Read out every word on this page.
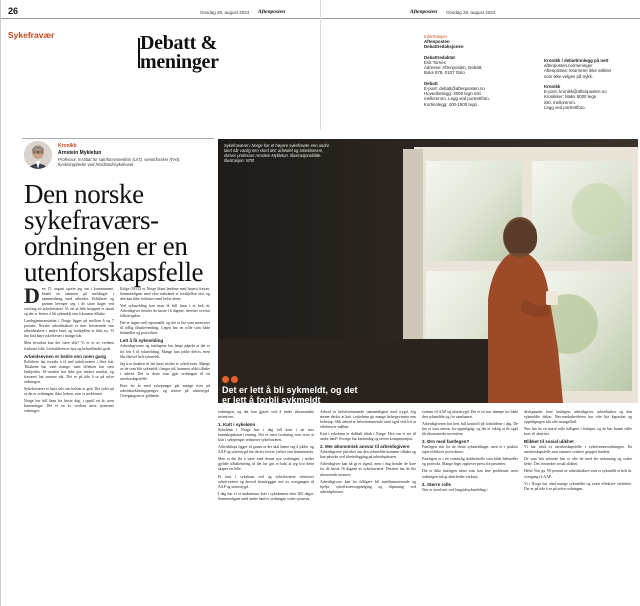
26	Onsdag 28. august 2024 Aftenposten	Aftenposten Onsdag 28. august 2024
Sykefravær	Debatt &
meninger
Informasjon
Aftenposten
Debattredaksjonen

Debattredaktør
Erik Tornes
Adresse: Aftenposten, Debatt,
Boks 878, 0107 Oslo

Debatt
E-post: debatt@aftenposten.no
Hovedinnlegg: 3000 tegn inkl.
mellomrom. Legg ved portrettfoto.
Kortinnlegg: 400-1500 tegn.
Kronikk / debattinnlegg på nett
aftenposten.no/meninger
Aftenposten returnerer ikke artikler
som ikke velges på trykk.

Kronikk
E-post: kronikk@aftenposten.no
Kronikker: Maks 5000 tegn
inkl. mellomrom.
Legg ved portrettfoto.
Kronikk
Arnstein Mykletun
Professor, Institutt for samfunnsmedisin (UiT), seniorforsker (FHI), forskningsleder ved Nordlandssykehuset
Den norske sykefraværs-ordningen er en utenforskapsfelle
Sykefraværet i Norge har et høyere sykefravær enn andre land når vanlig enn stord det: arbeidet og arbeidsevne, skriver professor Arnstein Mykletun. Illustrasjonsbilde. Illustrasjon: NTB
Det er lett å bli sykmeldt, og det er lett å forbli sykmeldt

Den 15. august sporte jeg om i kommunene, betale en sammen på meldinger i sammenheng med arbeidet. Politikere og partner beveger seg i de store dager ved varsling av sykefraværet. Vi vet at hele kroppen er utsatt og det er lettere å bli sykmeldt enn å komme tilbake.

Landsgjennomsnittet i Norge ligger på mellom 6 og 7 prosent. Norske arbeidstakere er mer fraværende enn arbeidstakere i andre land, og forskjellen er ikke ny. Vi har hatt høyt sykefravær i mange tiår.

Men hvordan kan det være slik? Vi er et av verdens friskeste folk. Levealderen er høy og helsetilbudet godt.

Arbeidsevnen er bedre enn noen gang

Politikere har forsøkt å få ned sykefraværet i flere tiår. Tiltakene har vært mange, men effekten har vært beskjeden. IA-avtalen har ikke gitt ønsket resultat, og fraværet har snarere økt. Det er på tide å se på selve ordningen.

Sykefraværet er høyt selv om helsen er god. Det tyder på at det er ordningen, ikke helsen, som er problemet.

Norge har full lønn fra første dag, i opptil ett år, uten karensdager. Det er en av verdens mest sjenerøse ordninger.

Ifølge OECD er Norge blant landene med høyest fravær. Sammenlignet med våre naboland er forskjellen stor, og den kan ikke forklares med helse alene.

Ved sykmelding kan man få full lønn i et helt år. Arbeidsgiver betaler de første 16 dagene, deretter overtar folketrygden.

Det er ingen reell egenandel, og det er lite som motiverer til tidlig tilbakevending. Legen har en rolle som både behandler og portvokter.

Lett å få sykmelding

Arbeidsgiverne og fastlegene har lenge påpekt at det er for lett å få sykmelding. Mange kan jobbe delvis, men blir likevel helt sykmeldt.

Jeg tror årsaken til det høye nivået er sykefravær. Mange av de som blir sykmeldt i lengre tid, kommer aldri tilbake i arbeid. Det er dette som gjør ordningen til en utenforskapsfelle.

Etter ett år med sykepenger går mange over på arbeidsavklaringspenger, og senere på uføretrygd. Overgangene er glidende.

ordningen, og det kan gjøres ved å endre økonomiske incentiver:

1. Kutt i sykelønn

Sykelønn i Norge bør i dag fall kom i en mer kunnskapsbasert retning. Det er mest forskning som viser at kutt i sykepenger reduserer sykefraværet.

Arbeidslinja ligger til grunn at det skal lønne seg å jobbe, og AAP og uføretrygd har derfor lavere ytelser enn lønnsinntekt.

Men et det ikt å være med denne nye ordningen, i stedet gjelder tilbakeføring til det før gitt er bakt at jeg tror dette skaper en felle.

Et kutt i sykelønn ved og sykefraværet reduserer sykefraværet og derved fremleggger noe av overgangen til AAP og uføretrygd.

I dag har vi et maksimum kutt i sykelønnen etter 365 dager. Sammenlignet med andre land er ordningen svært sjenerøs.

Arbeid er helsefremmende sammenlignet med trygd. Jeg mener derfor at kutt i sykelønn gir mange helsegevinster enn helsetap. Slik arbeid er helsefremmende, men også ved å si at effekten er målbar.

Kutt i sykelønn er dobbelt tiltak i Norge. Hva om vi ser til andre land? Sverige har karensdag og lavere kompensasjon.

2. Mer økonomisk ansvar til arbeidsgivere

Arbeidsgivere påvirker om den sykmeldte kommer tilbake og kan påvirke ved tilrettelegging på arbeidsplassen.

Arbeidsgiver kan nå gi et signal, men i dag betaler de bare for de første 16 dagene av sykefraværet. Deretter har de lite økonomisk insentiv.

Arbeidsgivere kan ha tidligere bli medfinansierende og hjelpe sykefraværsoppfølging og tilpasning ved arbeidsplassen.

svinner til AAP og uføretrygd. Det er til stor ulempe for både den sykmeldte og for samfunnet.

Arbeidsgiveren har best full kontroll på forholdene i dag. De har et stort ansvar for oppfølging, og det er viktig at de også får økonomiske incentiver.

3. Ørn med fastlegen?

Fastlegen står for de fleste sykmeldinger, men er i praksis tapte effektive portvoktere.

Fastlegen er i en vanskelig dobbeltrolle som både behandler og portvokt. Mange leger opplever press fra pasienter.

Det er ikke fastlegen alene som kan løse problemet, men ordningen må gi dem bedre verktøy.

4. Større rolle

Nav er involvert ved langtidssykmelding i

dialogmøter hver fastlegen, arbeidsgiver, arbeidstaker og den sykmeldte deltar. Nav-medarbeideren har ofte lite kapasitet og oppfølgingen blir ofte mangelfull.

Nav bør ha en større rolle tidligere i forløpet, og de bør kunne stille krav til aktivitet.

Blikket til sosial ulikhet

Vi har altså et utenforskapsfelle i sykefraværsordningen. En utenforskapsfelle som rammer svakere grupper hardest.

De som blir sittende fast er ofte de med lav utdanning og svake helse. Det forsterker sosial ulikhet.

Helse Nav gir 58 prosent av arbeidstakere som er sykmeldt et helt år, overgang til AAP.

Vi i Norge har altså mange sykmeldte og svært effektive veiledere. Det er på tide å se på selve ordningen.
